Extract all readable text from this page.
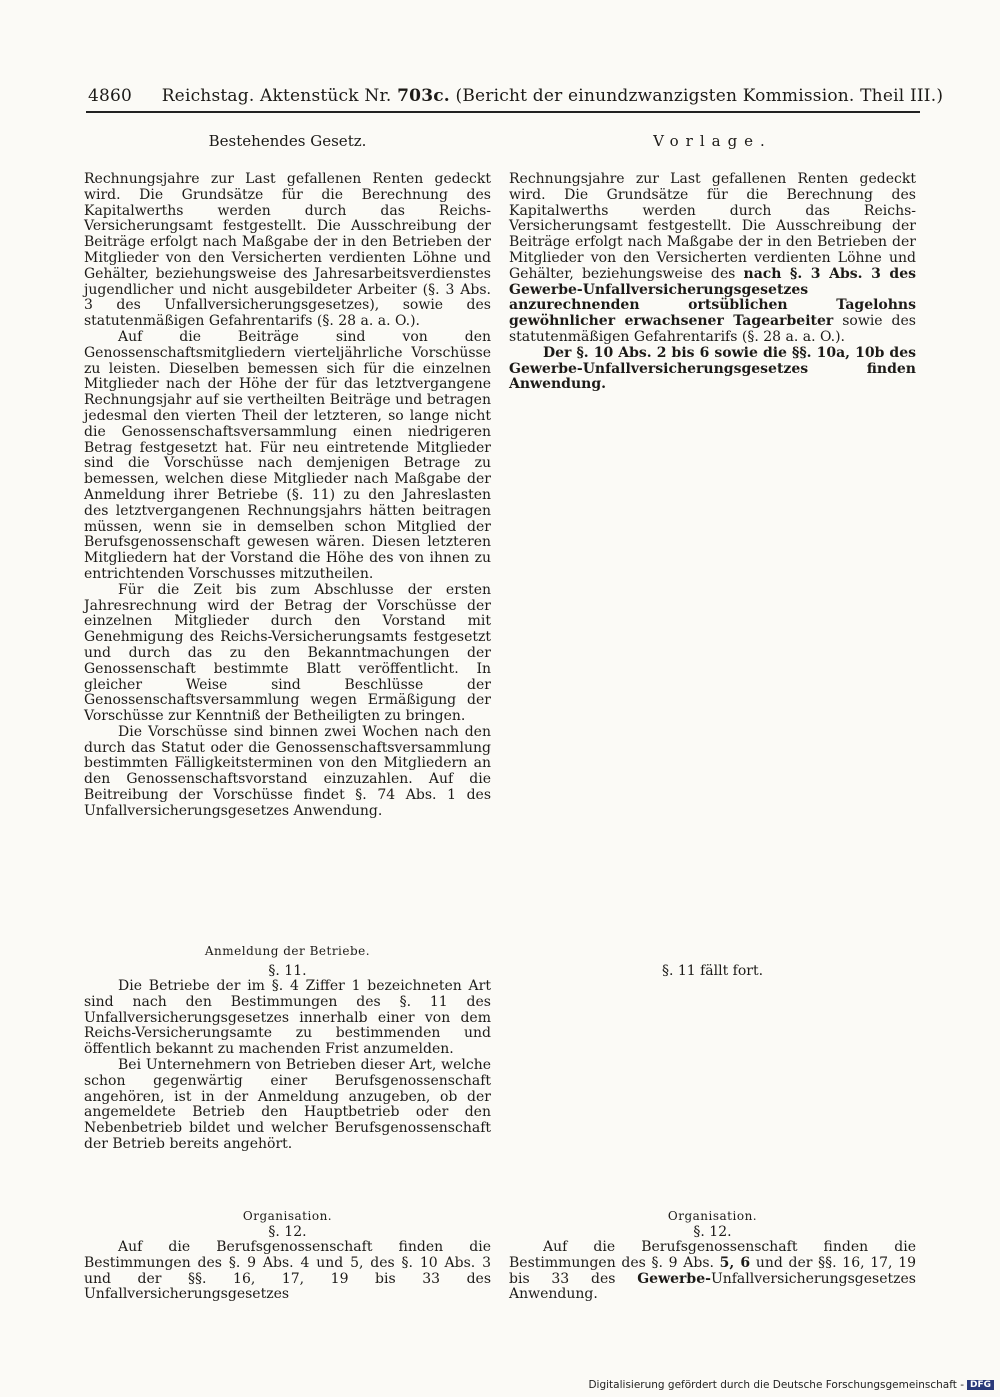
4860 Reichstag. Aktenstück Nr. 703c. (Bericht der einundzwanzigsten Kommission. Theil III.)
Bestehendes Gesetz.

Rechnungsjahre zur Last gefallenen Renten gedeckt wird. Die Grundsätze für die Berechnung des Kapitalwerths werden durch das Reichs-Versicherungsamt festgestellt. Die Ausschreibung der Beiträge erfolgt nach Maßgabe der in den Betrieben der Mitglieder von den Versicherten verdienten Löhne und Gehälter, beziehungsweise des Jahresarbeitsverdienstes jugendlicher und nicht ausgebildeter Arbeiter (§. 3 Abs. 3 des Unfallversicherungsgesetzes), sowie des statutenmäßigen Gefahrentarifs (§. 28 a. a. O.).

Auf die Beiträge sind von den Genossenschaftsmitgliedern vierteljährliche Vorschüsse zu leisten. Dieselben bemessen sich für die einzelnen Mitglieder nach der Höhe der für das letztvergangene Rechnungsjahr auf sie vertheilten Beiträge und betragen jedesmal den vierten Theil der letzteren, so lange nicht die Genossenschaftsversammlung einen niedrigeren Betrag festgesetzt hat. Für neu eintretende Mitglieder sind die Vorschüsse nach demjenigen Betrage zu bemessen, welchen diese Mitglieder nach Maßgabe der Anmeldung ihrer Betriebe (§. 11) zu den Jahreslasten des letztvergangenen Rechnungsjahrs hätten beitragen müssen, wenn sie in demselben schon Mitglied der Berufsgenossenschaft gewesen wären. Diesen letzteren Mitgliedern hat der Vorstand die Höhe des von ihnen zu entrichtenden Vorschusses mitzutheilen.

Für die Zeit bis zum Abschlusse der ersten Jahresrechnung wird der Betrag der Vorschüsse der einzelnen Mitglieder durch den Vorstand mit Genehmigung des Reichs-Versicherungsamts festgesetzt und durch das zu den Bekanntmachungen der Genossenschaft bestimmte Blatt veröffentlicht. In gleicher Weise sind Beschlüsse der Genossenschaftsversammlung wegen Ermäßigung der Vorschüsse zur Kenntniß der Betheiligten zu bringen.

Die Vorschüsse sind binnen zwei Wochen nach den durch das Statut oder die Genossenschaftsversammlung bestimmten Fälligkeitsterminen von den Mitgliedern an den Genossenschaftsvorstand einzuzahlen. Auf die Beitreibung der Vorschüsse findet §. 74 Abs. 1 des Unfallversicherungsgesetzes Anwendung.

Anmeldung der Betriebe.
§. 11.

Die Betriebe der im §. 4 Ziffer 1 bezeichneten Art sind nach den Bestimmungen des §. 11 des Unfallversicherungsgesetzes innerhalb einer von dem Reichs-Versicherungsamte zu bestimmenden und öffentlich bekannt zu machenden Frist anzumelden.

Bei Unternehmern von Betrieben dieser Art, welche schon gegenwärtig einer Berufsgenossenschaft angehören, ist in der Anmeldung anzugeben, ob der angemeldete Betrieb den Hauptbetrieb oder den Nebenbetrieb bildet und welcher Berufsgenossenschaft der Betrieb bereits angehört.

Organisation.
§. 12.

Auf die Berufsgenossenschaft finden die Bestimmungen des §. 9 Abs. 4 und 5, des §. 10 Abs. 3 und der §§. 16, 17, 19 bis 33 des Unfallversicherungsgesetzes

Vorlage.

Rechnungsjahre zur Last gefallenen Renten gedeckt wird. Die Grundsätze für die Berechnung des Kapitalwerths werden durch das Reichs-Versicherungsamt festgestellt. Die Ausschreibung der Beiträge erfolgt nach Maßgabe der in den Betrieben der Mitglieder von den Versicherten verdienten Löhne und Gehälter, beziehungsweise des nach §. 3 Abs. 3 des Gewerbe-Unfallversicherungsgesetzes anzurechnenden ortsüblichen Tagelohns gewöhnlicher erwachsener Tagearbeiter sowie des statutenmäßigen Gefahrentarifs (§. 28 a. a. O.).

Der §. 10 Abs. 2 bis 6 sowie die §§. 10a, 10b des Gewerbe-Unfallversicherungsgesetzes finden Anwendung.

§. 11 fällt fort.
Organisation.
§. 12.

Auf die Berufsgenossenschaft finden die Bestimmungen des §. 9 Abs. 5, 6 und der §§. 16, 17, 19 bis 33 des Gewerbe-Unfallversicherungsgesetzes Anwendung.

Digitalisierung gefördert durch die Deutsche Forschungsgemeinschaft - DFG
